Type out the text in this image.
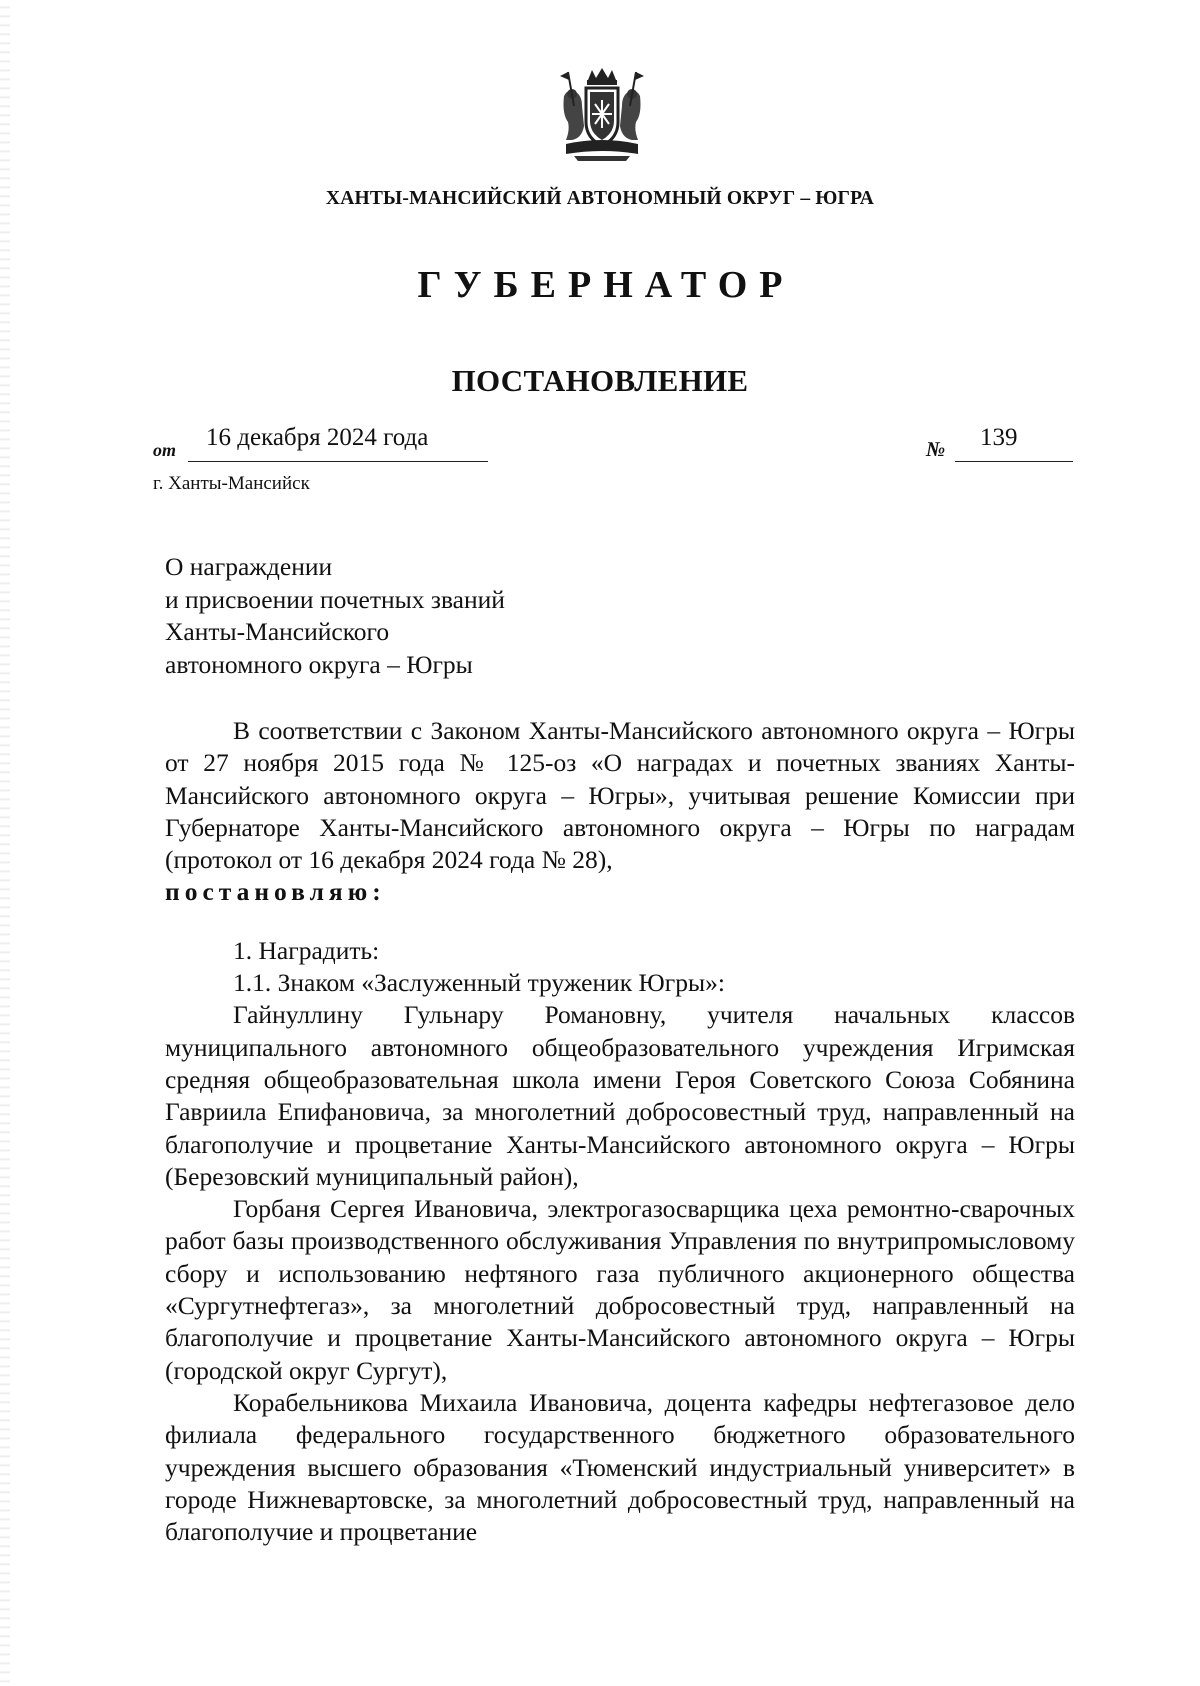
ХАНТЫ-МАНСИЙСКИЙ АВТОНОМНЫЙ ОКРУГ – ЮГРА
ГУБЕРНАТОР
ПОСТАНОВЛЕНИЕ
от 16 декабря 2024 года	№ 139
г. Ханты-Мансийск
О награждении
и присвоении почетных званий
Ханты-Мансийского
автономного округа – Югры

В соответствии с Законом Ханты-Мансийского автономного округа – Югры от 27 ноября 2015 года № 125-оз «О наградах и почетных званиях Ханты-Мансийского автономного округа – Югры», учитывая решение Комиссии при Губернаторе Ханты-Мансийского автономного округа – Югры по наградам (протокол от 16 декабря 2024 года № 28),
постановляю:

1. Наградить:

1.1. Знаком «Заслуженный труженик Югры»:

Гайнуллину Гульнару Романовну, учителя начальных классов муниципального автономного общеобразовательного учреждения Игримская средняя общеобразовательная школа имени Героя Советского Союза Собянина Гавриила Епифановича, за многолетний добросовестный труд, направленный на благополучие и процветание Ханты-Мансийского автономного округа – Югры (Березовский муниципальный район),

Горбаня Сергея Ивановича, электрогазосварщика цеха ремонтно-сварочных работ базы производственного обслуживания Управления по внутрипромысловому сбору и использованию нефтяного газа публичного акционерного общества «Сургутнефтегаз», за многолетний добросовестный труд, направленный на благополучие и процветание Ханты-Мансийского автономного округа – Югры (городской округ Сургут),

Корабельникова Михаила Ивановича, доцента кафедры нефтегазовое дело филиала федерального государственного бюджетного образовательного учреждения высшего образования «Тюменский индустриальный университет» в городе Нижневартовске, за многолетний добросовестный труд, направленный на благополучие и процветание
